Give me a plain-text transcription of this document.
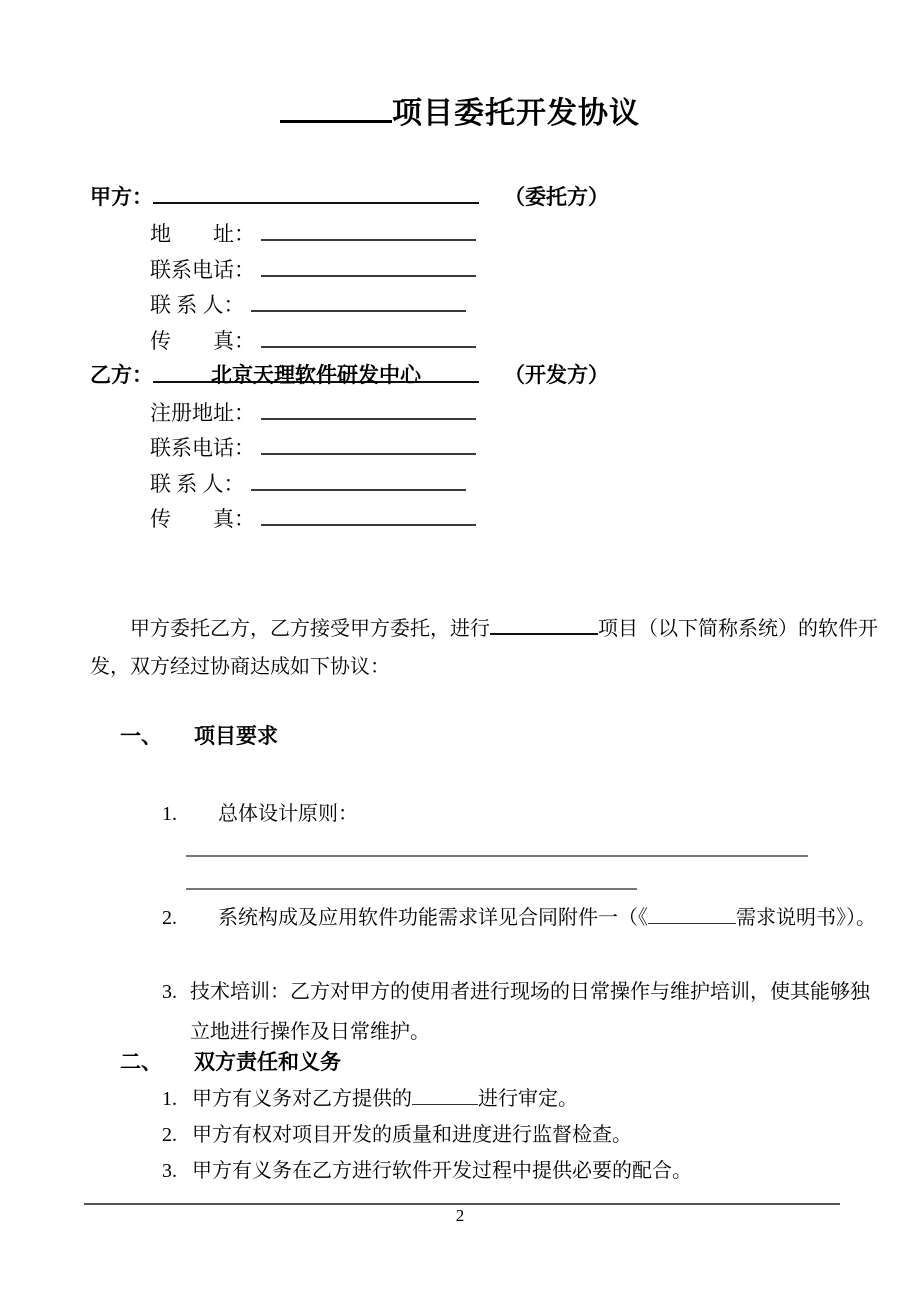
项目委托开发协议
甲方：	（委托方）
地　　址：
联系电话：
联 系 人：
传　　真：
乙方：	北京天理软件研发中心	（开发方）
注册地址：
联系电话：
联 系 人：
传　　真：
甲方委托乙方，乙方接受甲方委托，进行	项目（以下简称系统）的软件开发，双方经过协商达成如下协议：
一、 项目要求
1. 总体设计原则：
2. 系统构成及应用软件功能需求详见合同附件一（《	需求说明书》）。
3. 技术培训：乙方对甲方的使用者进行现场的日常操作与维护培训，使其能够独立地进行操作及日常维护。
二、 双方责任和义务
1. 甲方有义务对乙方提供的	进行审定。
2. 甲方有权对项目开发的质量和进度进行监督检查。
3. 甲方有义务在乙方进行软件开发过程中提供必要的配合。
2
